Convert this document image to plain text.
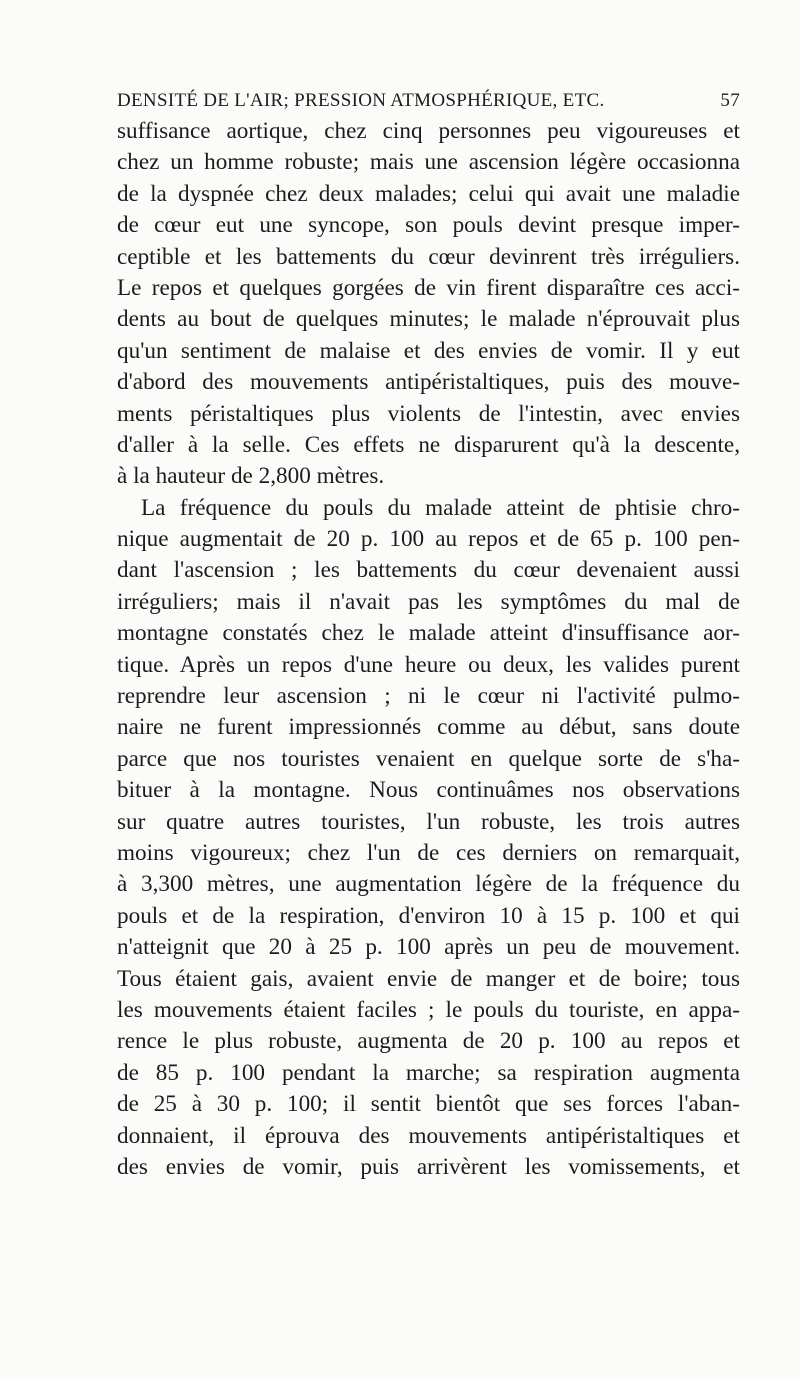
DENSITÉ DE L'AIR; PRESSION ATMOSPHÉRIQUE, ETC.	57
suffisance aortique, chez cinq personnes peu vigoureuses et
chez un homme robuste; mais une ascension légère occasionna
de la dyspnée chez deux malades; celui qui avait une maladie
de cœur eut une syncope, son pouls devint presque imper-
ceptible et les battements du cœur devinrent très irréguliers.
Le repos et quelques gorgées de vin firent disparaître ces acci-
dents au bout de quelques minutes; le malade n'éprouvait plus
qu'un sentiment de malaise et des envies de vomir. Il y eut
d'abord des mouvements antipéristaltiques, puis des mouve-
ments péristaltiques plus violents de l'intestin, avec envies
d'aller à la selle. Ces effets ne disparurent qu'à la descente,
à la hauteur de 2,800 mètres.
La fréquence du pouls du malade atteint de phtisie chro-
nique augmentait de 20 p. 100 au repos et de 65 p. 100 pen-
dant l'ascension ; les battements du cœur devenaient aussi
irréguliers; mais il n'avait pas les symptômes du mal de
montagne constatés chez le malade atteint d'insuffisance aor-
tique. Après un repos d'une heure ou deux, les valides purent
reprendre leur ascension ; ni le cœur ni l'activité pulmo-
naire ne furent impressionnés comme au début, sans doute
parce que nos touristes venaient en quelque sorte de s'ha-
bituer à la montagne. Nous continuâmes nos observations
sur quatre autres touristes, l'un robuste, les trois autres
moins vigoureux; chez l'un de ces derniers on remarquait,
à 3,300 mètres, une augmentation légère de la fréquence du
pouls et de la respiration, d'environ 10 à 15 p. 100 et qui
n'atteignit que 20 à 25 p. 100 après un peu de mouvement.
Tous étaient gais, avaient envie de manger et de boire; tous
les mouvements étaient faciles ; le pouls du touriste, en appa-
rence le plus robuste, augmenta de 20 p. 100 au repos et
de 85 p. 100 pendant la marche; sa respiration augmenta
de 25 à 30 p. 100; il sentit bientôt que ses forces l'aban-
donnaient, il éprouva des mouvements antipéristaltiques et
des envies de vomir, puis arrivèrent les vomissements, et
